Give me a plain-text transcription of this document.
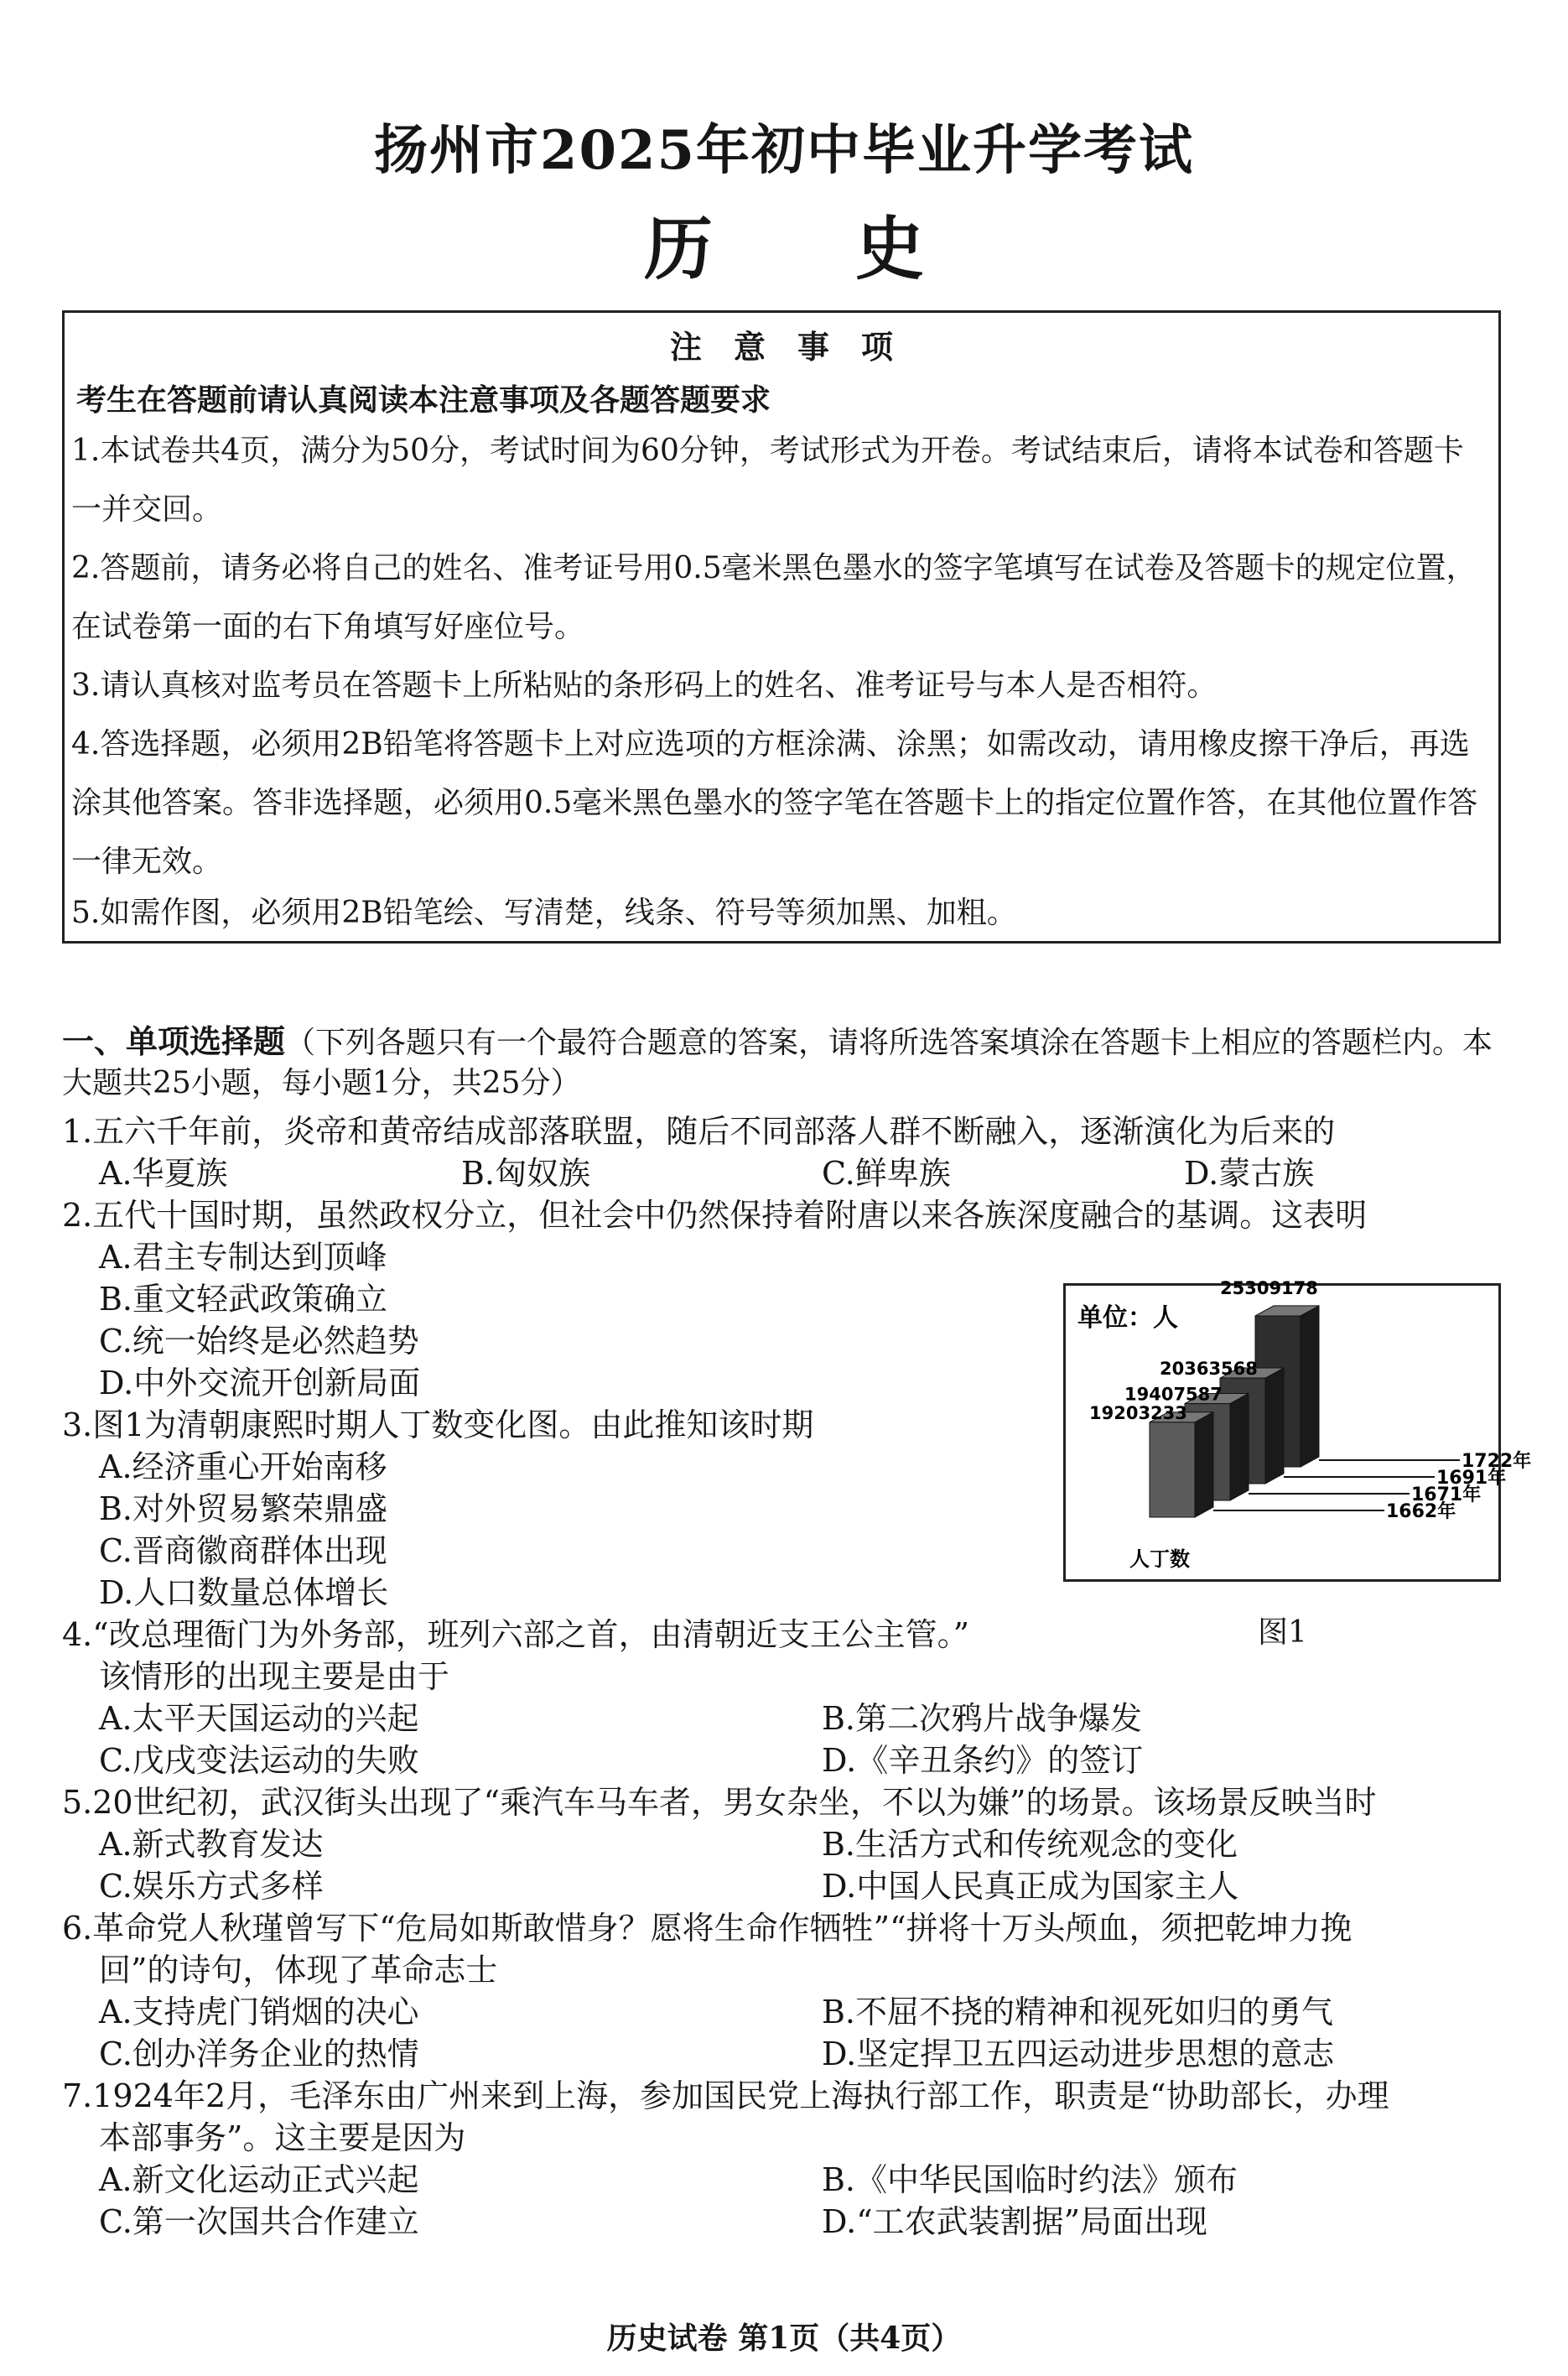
扬州市2025年初中毕业升学考试
历史
注意事项
考生在答题前请认真阅读本注意事项及各题答题要求
1.本试卷共4页，满分为50分，考试时间为60分钟，考试形式为开卷。考试结束后，请将本试卷和答题卡一并交回。
2.答题前，请务必将自己的姓名、准考证号用0.5毫米黑色墨水的签字笔填写在试卷及答题卡的规定位置，在试卷第一面的右下角填写好座位号。
3.请认真核对监考员在答题卡上所粘贴的条形码上的姓名、准考证号与本人是否相符。
4.答选择题，必须用2B铅笔将答题卡上对应选项的方框涂满、涂黑；如需改动，请用橡皮擦干净后，再选涂其他答案。答非选择题，必须用0.5毫米黑色墨水的签字笔在答题卡上的指定位置作答，在其他位置作答一律无效。
5.如需作图，必须用2B铅笔绘、写清楚，线条、符号等须加黑、加粗。
一、单项选择题（下列各题只有一个最符合题意的答案，请将所选答案填涂在答题卡上相应的答题栏内。本大题共25小题，每小题1分，共25分）
1.五六千年前，炎帝和黄帝结成部落联盟，随后不同部落人群不断融入，逐渐演化为后来的
A.华夏族	B.匈奴族	C.鲜卑族	D.蒙古族
2.五代十国时期，虽然政权分立，但社会中仍然保持着附唐以来各族深度融合的基调。这表明
A.君主专制达到顶峰
B.重文轻武政策确立
C.统一始终是必然趋势
D.中外交流开创新局面
3.图1为清朝康熙时期人丁数变化图。由此推知该时期
A.经济重心开始南移
B.对外贸易繁荣鼎盛
C.晋商徽商群体出现
D.人口数量总体增长
单位：人
人丁数
1722年
25309178
1691年
20363568
1671年
19407587
1662年
19203233
图1
4.“改总理衙门为外务部，班列六部之首，由清朝近支王公主管。”
该情形的出现主要是由于
A.太平天国运动的兴起	B.第二次鸦片战争爆发
C.戊戌变法运动的失败	D.《辛丑条约》的签订
5.20世纪初，武汉街头出现了“乘汽车马车者，男女杂坐，不以为嫌”的场景。该场景反映当时
A.新式教育发达	B.生活方式和传统观念的变化
C.娱乐方式多样	D.中国人民真正成为国家主人
6.革命党人秋瑾曾写下“危局如斯敢惜身？愿将生命作牺牲”“拼将十万头颅血，须把乾坤力挽
回”的诗句，体现了革命志士
A.支持虎门销烟的决心	B.不屈不挠的精神和视死如归的勇气
C.创办洋务企业的热情	D.坚定捍卫五四运动进步思想的意志
7.1924年2月，毛泽东由广州来到上海，参加国民党上海执行部工作，职责是“协助部长，办理
本部事务”。这主要是因为
A.新文化运动正式兴起	B.《中华民国临时约法》颁布
C.第一次国共合作建立	D.“工农武装割据”局面出现
历史试卷 第1页（共4页）
